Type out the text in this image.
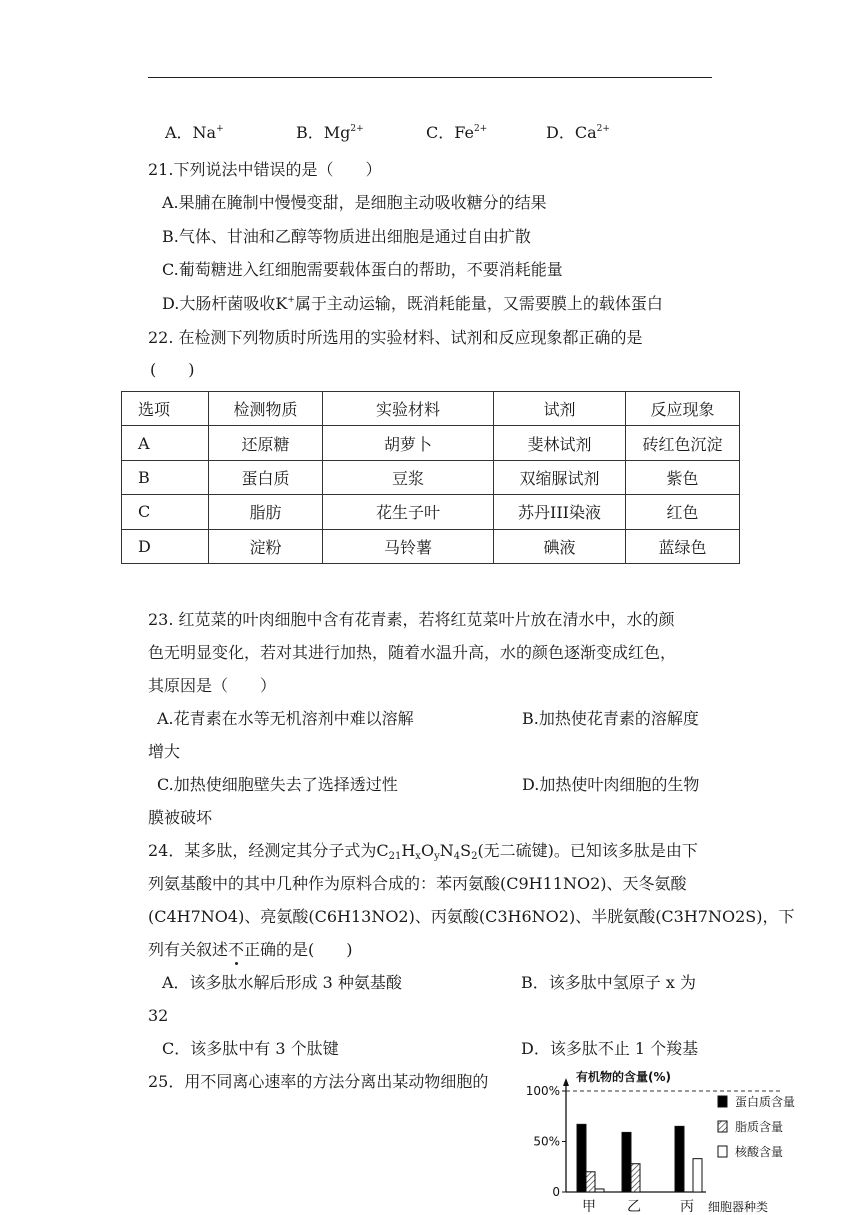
A．Na+	B．$Mg^{2+}$	C．$Fe^{2+}$	D．$Ca^{2+}$
21.下列说法中错误的是（　　）
A.果脯在腌制中慢慢变甜，是细胞主动吸收糖分的结果
B.气体、甘油和乙醇等物质进出细胞是通过自由扩散
C.葡萄糖进入红细胞需要载体蛋白的帮助，不要消耗能量
D.大肠杆菌吸收K+属于主动运输，既消耗能量，又需要膜上的载体蛋白
22. 在检测下列物质时所选用的实验材料、试剂和反应现象都正确的是
(　　)
选项	检测物质	实验材料	试剂	反应现象
A	还原糖	胡萝卜	斐林试剂	砖红色沉淀
B	蛋白质	豆浆	双缩脲试剂	紫色
C	脂肪	花生子叶	苏丹III染液	红色
D	淀粉	马铃薯	碘液	蓝绿色
23. 红苋菜的叶肉细胞中含有花青素，若将红苋菜叶片放在清水中，水的颜
色无明显变化，若对其进行加热，随着水温升高，水的颜色逐渐变成红色，
其原因是（　　）
A.花青素在水等无机溶剂中难以溶解	B.加热使花青素的溶解度
增大
C.加热使细胞壁失去了选择透过性	D.加热使叶肉细胞的生物
膜被破坏
24．某多肽，经测定其分子式为$C_{21}H_xO_yN_4S_2$(无二硫键)。已知该多肽是由下
列氨基酸中的其中几种作为原料合成的：苯丙氨酸(C9H11NO2)、天冬氨酸
(C4H7NO4)、亮氨酸(C6H13NO2)、丙氨酸(C3H6NO2)、半胱氨酸(C3H7NO2S)，下
列有关叙述不正确的是(　　)
A．该多肽水解后形成 3 种氨基酸	B．该多肽中氢原子 x 为
32
C．该多肽中有 3 个肽键	D．该多肽不止 1 个羧基
25．用不同离心速率的方法分离出某动物细胞的	有机物的含量(%)
0
50%
100%
甲 乙	丙 细胞器种类
蛋白质含量
脂质含量
核酸含量
